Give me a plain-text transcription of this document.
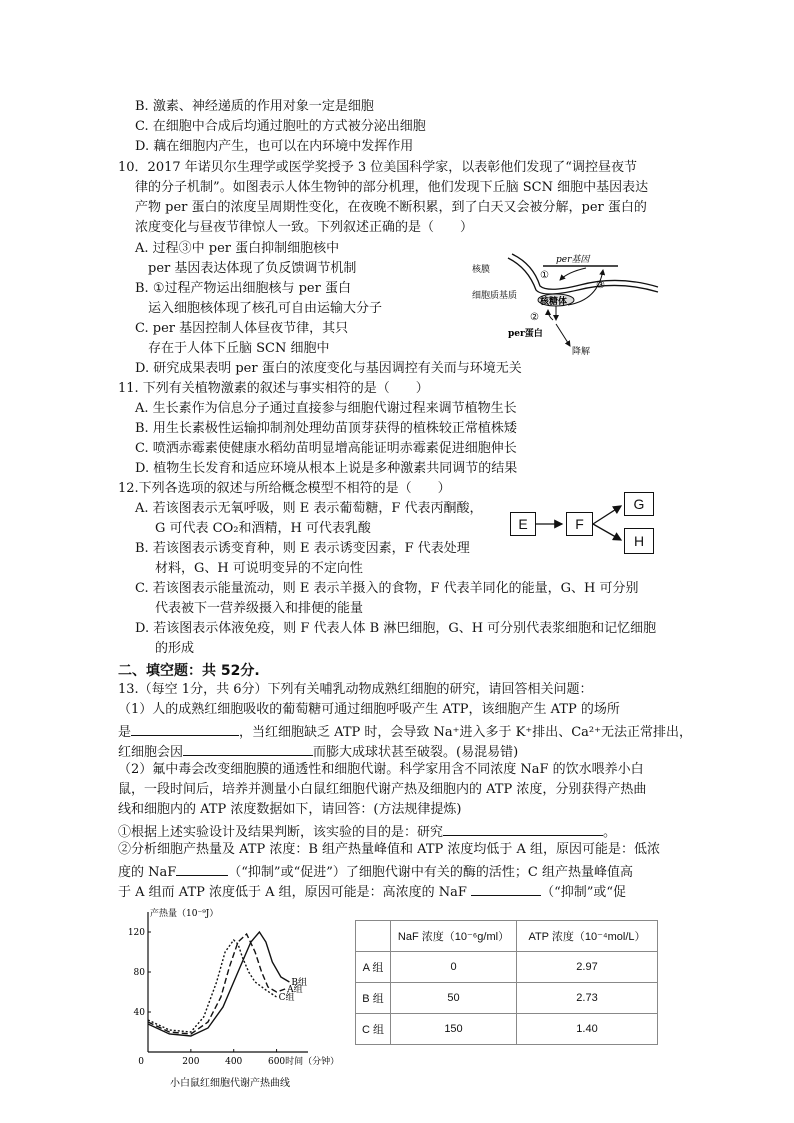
B. 激素、神经递质的作用对象一定是细胞
C. 在细胞中合成后均通过胞吐的方式被分泌出细胞
D. 藕在细胞内产生，也可以在内环境中发挥作用
10．2017 年诺贝尔生理学或医学奖授予 3 位美国科学家，以表彰他们发现了“调控昼夜节
律的分子机制”。如图表示人体生物钟的部分机理，他们发现下丘脑 SCN 细胞中基因表达
产物 per 蛋白的浓度呈周期性变化，在夜晚不断积累，到了白天又会被分解，per 蛋白的
浓度变化与昼夜节律惊人一致。下列叙述正确的是（　　）
A. 过程③中 per 蛋白抑制细胞核中
per 基因表达体现了负反馈调节机制
B. ①过程产物运出细胞核与 per 蛋白
运入细胞核体现了核孔可自由运输大分子
C. per 基因控制人体昼夜节律，其只
存在于人体下丘脑 SCN 细胞中
D. 研究成果表明 per 蛋白的浓度变化与基因调控有关而与环境无关
11. 下列有关植物激素的叙述与事实相符的是（　　）
A. 生长素作为信息分子通过直接参与细胞代谢过程来调节植物生长
B. 用生长素极性运输抑制剂处理幼苗顶芽获得的植株较正常植株矮
C. 喷洒赤霉素使健康水稻幼苗明显增高能证明赤霉素促进细胞伸长
D. 植物生长发育和适应环境从根本上说是多种激素共同调节的结果
12.下列各选项的叙述与所给概念模型不相符的是（　　）
A. 若该图表示无氧呼吸，则 E 表示葡萄糖，F 代表丙酮酸，
G 可代表 CO₂和酒精，H 可代表乳酸
B. 若该图表示诱变育种，则 E 表示诱变因素，F 代表处理
材料，G、H 可说明变异的不定向性
C. 若该图表示能量流动，则 E 表示羊摄入的食物，F 代表羊同化的能量，G、H 可分别
代表被下一营养级摄入和排便的能量
D. 若该图表示体液免疫，则 F 代表人体 B 淋巴细胞，G、H 可分别代表浆细胞和记忆细胞
的形成
二、填空题：共 52分.
13.（每空 1分，共 6分）下列有关哺乳动物成熟红细胞的研究，请回答相关问题：
（1）人的成熟红细胞吸收的葡萄糖可通过细胞呼吸产生 ATP，该细胞产生 ATP 的场所
是	，当红细胞缺乏 ATP 时，会导致 Na⁺进入多于 K⁺排出、Ca²⁺无法正常排出，
红细胞会因	而膨大成球状甚至破裂。(易混易错)
（2）氟中毒会改变细胞膜的通透性和细胞代谢。科学家用含不同浓度 NaF 的饮水喂养小白
鼠，一段时间后，培养并测量小白鼠红细胞代谢产热及细胞内的 ATP 浓度，分别获得产热曲
线和细胞内的 ATP 浓度数据如下，请回答：(方法规律提炼)
①根据上述实验设计及结果判断，该实验的目的是：研究	。
②分析细胞产热量及 ATP 浓度：B 组产热量峰值和 ATP 浓度均低于 A 组，原因可能是：低浓
度的 NaF	（“抑制”或“促进”）了细胞代谢中有关的酶的活性；C 组产热量峰值高
于 A 组而 ATP 浓度低于 A 组，原因可能是：高浓度的 NaF	（“抑制”或“促
per基因
①
核糖体
③
②
核膜
细胞质基质
per蛋白
降解
E	F
G
H
产热量（10⁻⁹J）
时间（分钟）
0	200	400	600
40
80
120
A组
B组
C组
小白鼠红细胞代谢产热曲线
	NaF 浓度（10⁻⁶g/ml）	ATP 浓度（10⁻⁴mol/L）
A 组	0	2.97
B 组	50	2.73
C 组	150	1.40
